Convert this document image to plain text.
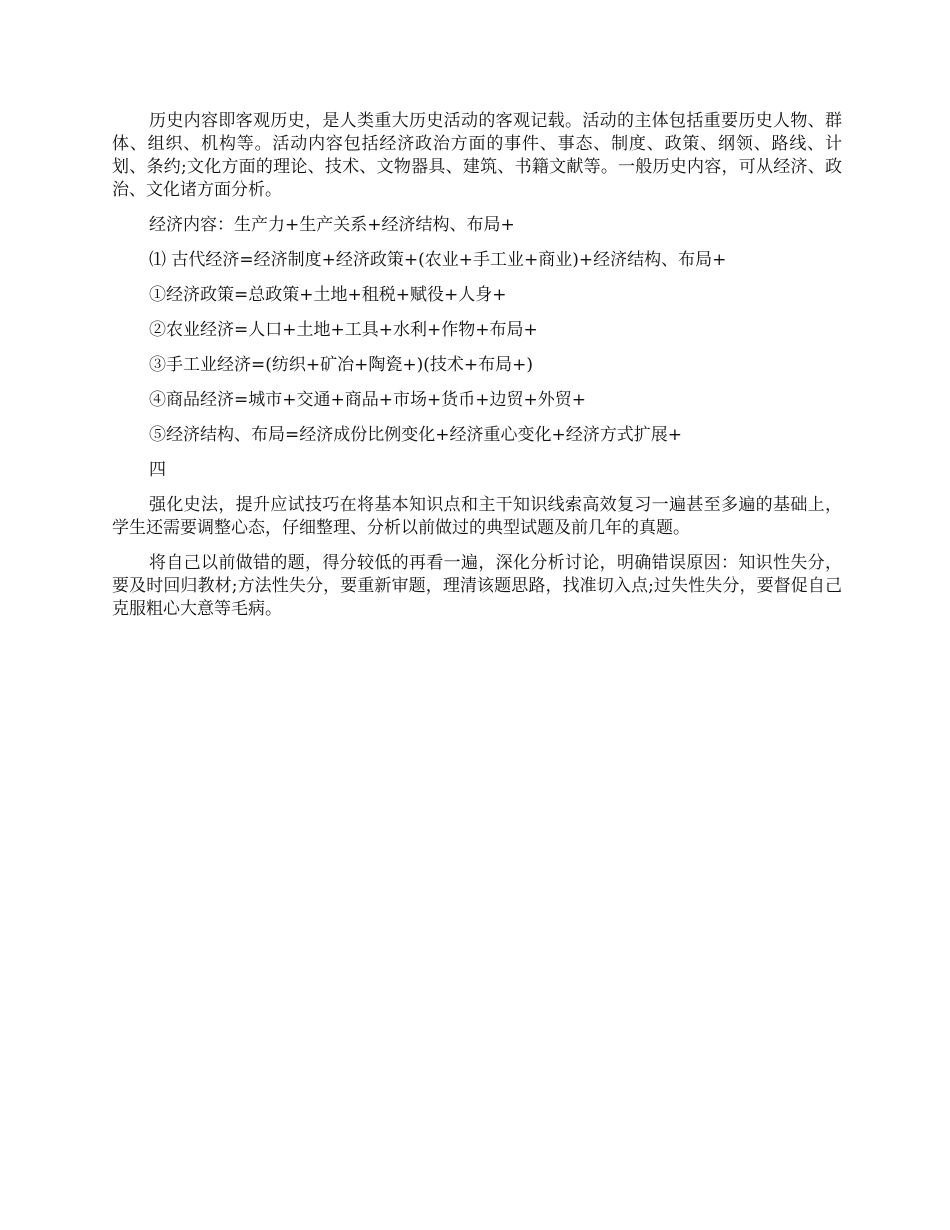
历史内容即客观历史，是人类重大历史活动的客观记载。活动的主体包括重要历史人物、群体、组织、机构等。活动内容包括经济政治方面的事件、事态、制度、政策、纲领、路线、计划、条约;文化方面的理论、技术、文物器具、建筑、书籍文献等。一般历史内容，可从经济、政治、文化诸方面分析。

经济内容：生产力+生产关系+经济结构、布局+

⑴ 古代经济=经济制度+经济政策+(农业+手工业+商业)+经济结构、布局+

①经济政策=总政策+土地+租税+赋役+人身+

②农业经济=人口+土地+工具+水利+作物+布局+

③手工业经济=(纺织+矿冶+陶瓷+)(技术+布局+)

④商品经济=城市+交通+商品+市场+货币+边贸+外贸+

⑤经济结构、布局=经济成份比例变化+经济重心变化+经济方式扩展+

四

强化史法，提升应试技巧在将基本知识点和主干知识线索高效复习一遍甚至多遍的基础上，学生还需要调整心态，仔细整理、分析以前做过的典型试题及前几年的真题。

将自己以前做错的题，得分较低的再看一遍，深化分析讨论，明确错误原因：知识性失分，要及时回归教材;方法性失分，要重新审题，理清该题思路，找准切入点;过失性失分，要督促自己克服粗心大意等毛病。
